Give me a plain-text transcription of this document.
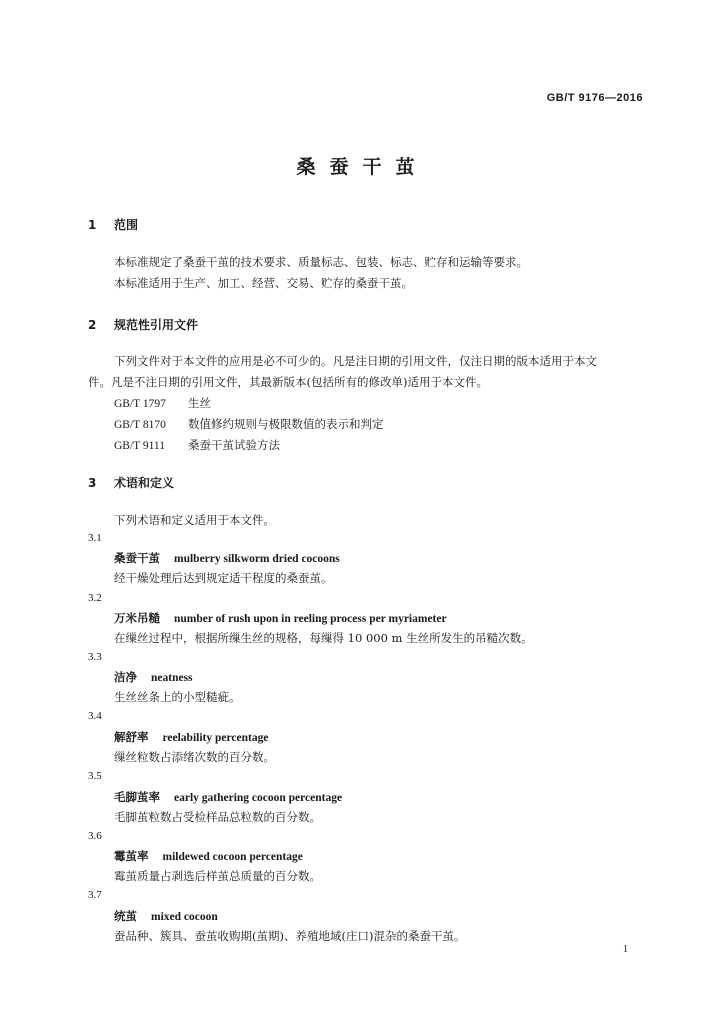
GB/T 9176—2016
桑蚕干茧
1 范围
本标准规定了桑蚕干茧的技术要求、质量标志、包装、标志、贮存和运输等要求。
本标准适用于生产、加工、经营、交易、贮存的桑蚕干茧。
2 规范性引用文件
下列文件对于本文件的应用是必不可少的。凡是注日期的引用文件，仅注日期的版本适用于本文
件。凡是不注日期的引用文件，其最新版本(包括所有的修改单)适用于本文件。
GB/T 1797 生丝
GB/T 8170 数值修约规则与极限数值的表示和判定
GB/T 9111 桑蚕干茧试验方法
3 术语和定义
下列术语和定义适用于本文件。
3.1
桑蚕干茧 mulberry silkworm dried cocoons
经干燥处理后达到规定适干程度的桑蚕茧。
3.2
万米吊糙 number of rush upon in reeling process per myriameter
在缫丝过程中，根据所缫生丝的规格，每缫得 10 000 m 生丝所发生的吊糙次数。
3.3
洁净 neatness
生丝丝条上的小型糙疵。
3.4
解舒率 reelability percentage
缫丝粒数占添绪次数的百分数。
3.5
毛脚茧率 early gathering cocoon percentage
毛脚茧粒数占受检样品总粒数的百分数。
3.6
霉茧率 mildewed cocoon percentage
霉茧质量占剥选后样茧总质量的百分数。
3.7
统茧 mixed cocoon
蚕品种、簇具、蚕茧收购期(茧期)、养殖地域(庄口)混杂的桑蚕干茧。
1
